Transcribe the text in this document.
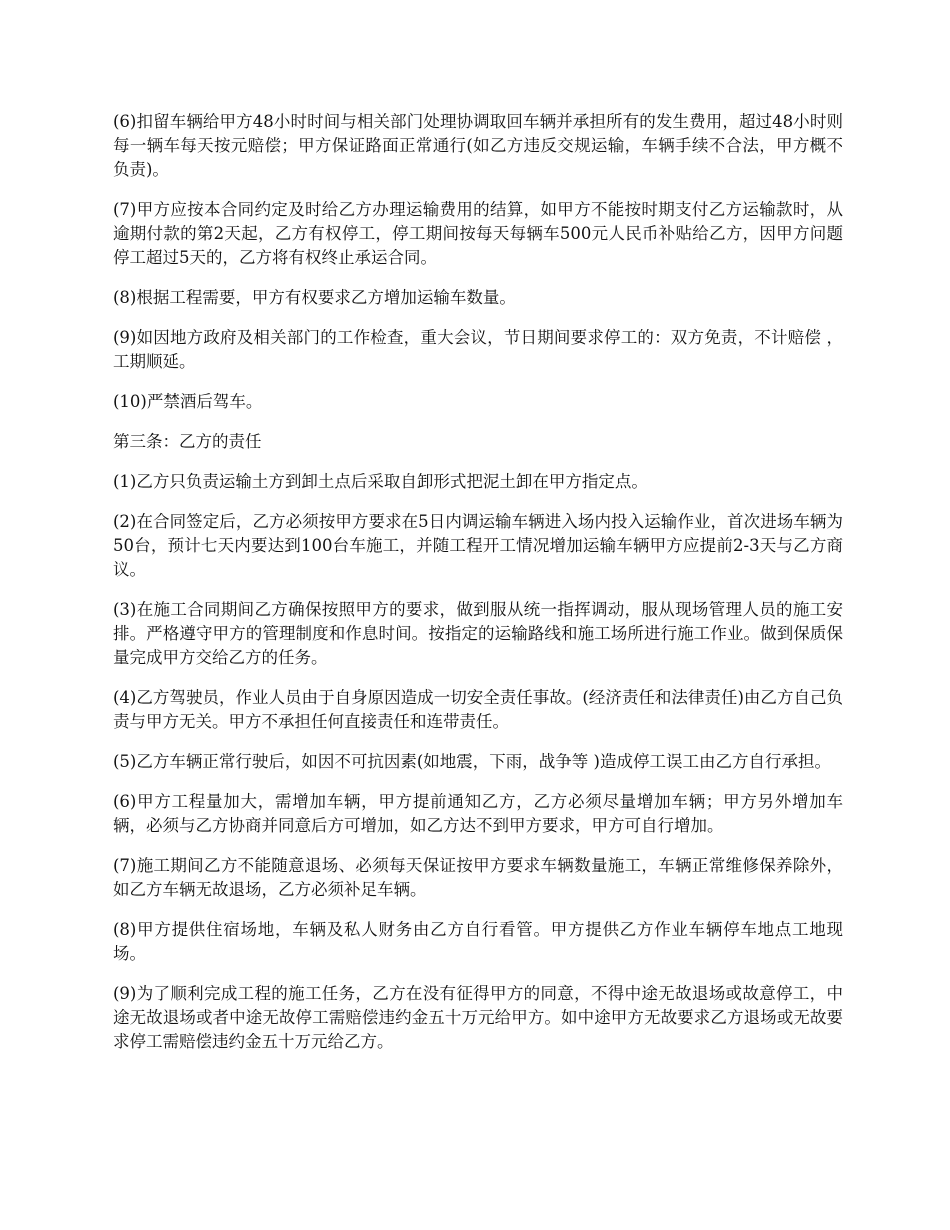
(6)扣留车辆给甲方48小时时间与相关部门处理协调取回车辆并承担所有的发生费用，超过48小时则每一辆车每天按元赔偿；甲方保证路面正常通行(如乙方违反交规运输，车辆手续不合法，甲方概不负责)。

(7)甲方应按本合同约定及时给乙方办理运输费用的结算，如甲方不能按时期支付乙方运输款时，从逾期付款的第2天起，乙方有权停工，停工期间按每天每辆车500元人民币补贴给乙方，因甲方问题停工超过5天的，乙方将有权终止承运合同。

(8)根据工程需要，甲方有权要求乙方增加运输车数量。

(9)如因地方政府及相关部门的工作检查，重大会议，节日期间要求停工的：双方免责，不计赔偿 ，工期顺延。

(10)严禁酒后驾车。

第三条：乙方的责任

(1)乙方只负责运输土方到卸土点后采取自卸形式把泥土卸在甲方指定点。

(2)在合同签定后，乙方必须按甲方要求在5日内调运输车辆进入场内投入运输作业，首次进场车辆为50台，预计七天内要达到100台车施工，并随工程开工情况增加运输车辆甲方应提前2-3天与乙方商议。

(3)在施工合同期间乙方确保按照甲方的要求，做到服从统一指挥调动，服从现场管理人员的施工安排。严格遵守甲方的管理制度和作息时间。按指定的运输路线和施工场所进行施工作业。做到保质保量完成甲方交给乙方的任务。

(4)乙方驾驶员，作业人员由于自身原因造成一切安全责任事故。(经济责任和法律责任)由乙方自己负责与甲方无关。甲方不承担任何直接责任和连带责任。

(5)乙方车辆正常行驶后，如因不可抗因素(如地震，下雨，战争等 )造成停工误工由乙方自行承担。

(6)甲方工程量加大，需增加车辆，甲方提前通知乙方，乙方必须尽量增加车辆；甲方另外增加车辆，必须与乙方协商并同意后方可增加，如乙方达不到甲方要求，甲方可自行增加。

(7)施工期间乙方不能随意退场、必须每天保证按甲方要求车辆数量施工，车辆正常维修保养除外，如乙方车辆无故退场，乙方必须补足车辆。

(8)甲方提供住宿场地，车辆及私人财务由乙方自行看管。甲方提供乙方作业车辆停车地点工地现场。

(9)为了顺利完成工程的施工任务，乙方在没有征得甲方的同意，不得中途无故退场或故意停工，中途无故退场或者中途无故停工需赔偿违约金五十万元给甲方。如中途甲方无故要求乙方退场或无故要求停工需赔偿违约金五十万元给乙方。
